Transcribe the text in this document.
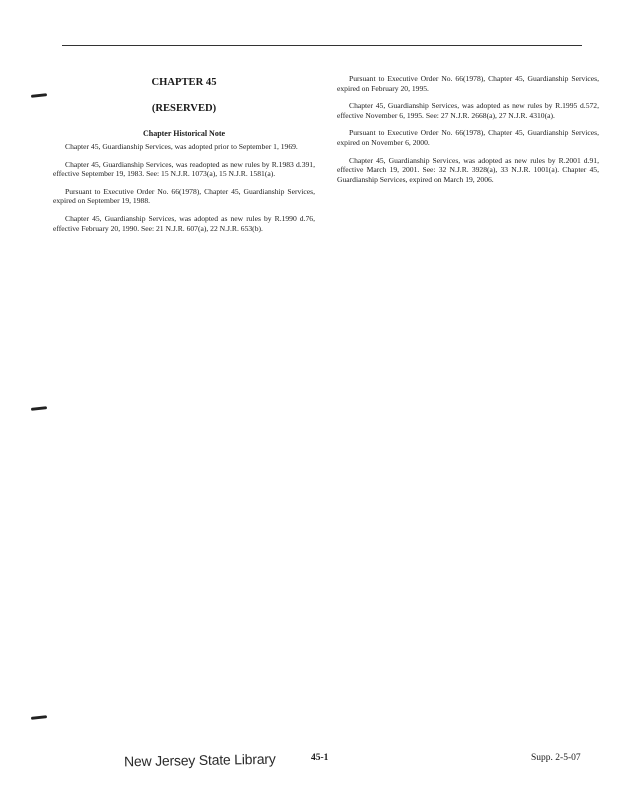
CHAPTER 45
(RESERVED)
Chapter Historical Note

Chapter 45, Guardianship Services, was adopted prior to September 1, 1969.

Chapter 45, Guardianship Services, was readopted as new rules by R.1983 d.391, effective September 19, 1983. See: 15 N.J.R. 1073(a), 15 N.J.R. 1581(a).

Pursuant to Executive Order No. 66(1978), Chapter 45, Guardianship Services, expired on September 19, 1988.

Chapter 45, Guardianship Services, was adopted as new rules by R.1990 d.76, effective February 20, 1990. See: 21 N.J.R. 607(a), 22 N.J.R. 653(b).

Pursuant to Executive Order No. 66(1978), Chapter 45, Guardianship Services, expired on February 20, 1995.

Chapter 45, Guardianship Services, was adopted as new rules by R.1995 d.572, effective November 6, 1995. See: 27 N.J.R. 2668(a), 27 N.J.R. 4310(a).

Pursuant to Executive Order No. 66(1978), Chapter 45, Guardianship Services, expired on November 6, 2000.

Chapter 45, Guardianship Services, was adopted as new rules by R.2001 d.91, effective March 19, 2001. See: 32 N.J.R. 3928(a), 33 N.J.R. 1001(a). Chapter 45, Guardianship Services, expired on March 19, 2006.

New Jersey State Library	45-1	Supp. 2-5-07
